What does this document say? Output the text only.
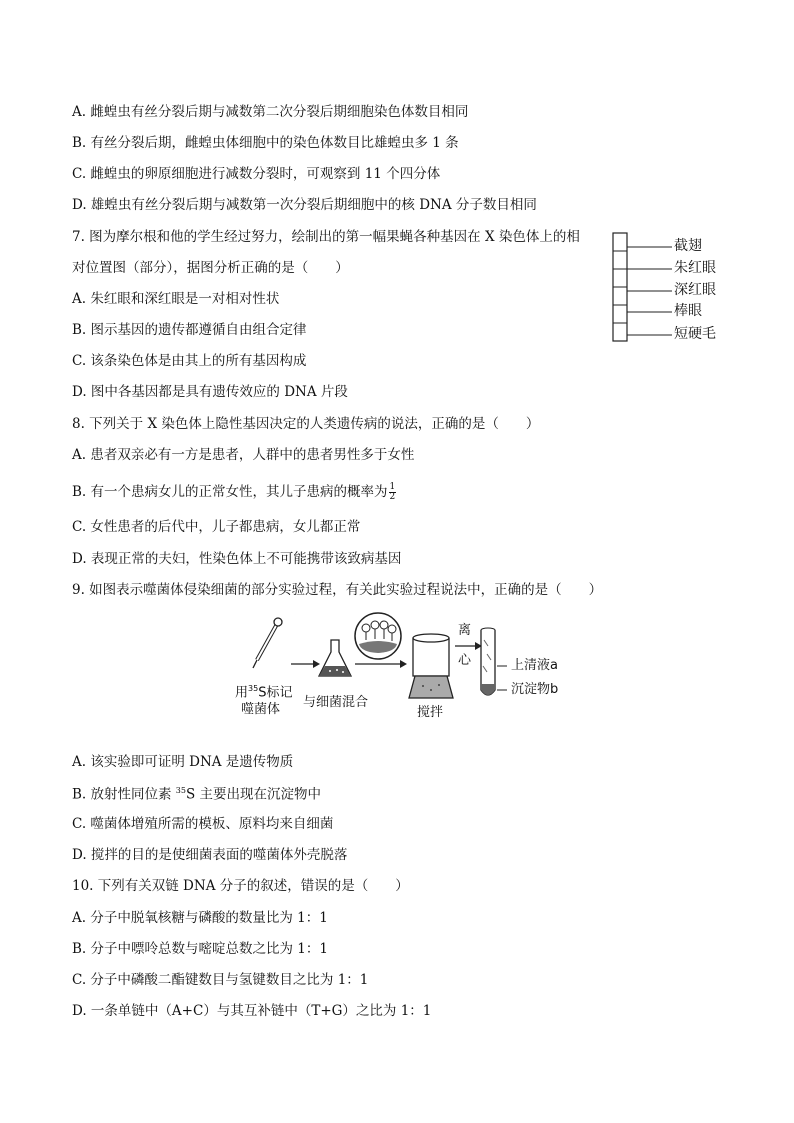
A. 雌蝗虫有丝分裂后期与减数第二次分裂后期细胞染色体数目相同
B. 有丝分裂后期，雌蝗虫体细胞中的染色体数目比雄蝗虫多 1 条
C. 雌蝗虫的卵原细胞进行减数分裂时，可观察到 11 个四分体
D. 雄蝗虫有丝分裂后期与减数第一次分裂后期细胞中的核 DNA 分子数目相同
7. 图为摩尔根和他的学生经过努力，绘制出的第一幅果蝇各种基因在 X 染色体上的相
对位置图（部分），据图分析正确的是（　　）
A. 朱红眼和深红眼是一对相对性状
B. 图示基因的遗传都遵循自由组合定律
C. 该条染色体是由其上的所有基因构成
D. 图中各基因都是具有遗传效应的 DNA 片段
截翅
朱红眼
深红眼
棒眼
短硬毛
8. 下列关于 X 染色体上隐性基因决定的人类遗传病的说法，正确的是（　　）
A. 患者双亲必有一方是患者，人群中的患者男性多于女性
B. 有一个患病女儿的正常女性，其儿子患病的概率为 $\frac{1}{2}$
C. 女性患者的后代中，儿子都患病，女儿都正常
D. 表现正常的夫妇，性染色体上不可能携带该致病基因
9. 如图表示噬菌体侵染细菌的部分实验过程，有关此实验过程说法中，正确的是（　　）
用$^{35}$S标记
噬菌体 与细菌混合
搅拌
离
心	上清液a
沉淀物b
A. 该实验即可证明 DNA 是遗传物质
B. 放射性同位素 $^{35}$S 主要出现在沉淀物中
C. 噬菌体增殖所需的模板、原料均来自细菌
D. 搅拌的目的是使细菌表面的噬菌体外壳脱落
10. 下列有关双链 DNA 分子的叙述，错误的是（　　）
A. 分子中脱氧核糖与磷酸的数量比为 1：1
B. 分子中嘌呤总数与嘧啶总数之比为 1：1
C. 分子中磷酸二酯键数目与氢键数目之比为 1：1
D. 一条单链中（A+C）与其互补链中（T+G）之比为 1：1
